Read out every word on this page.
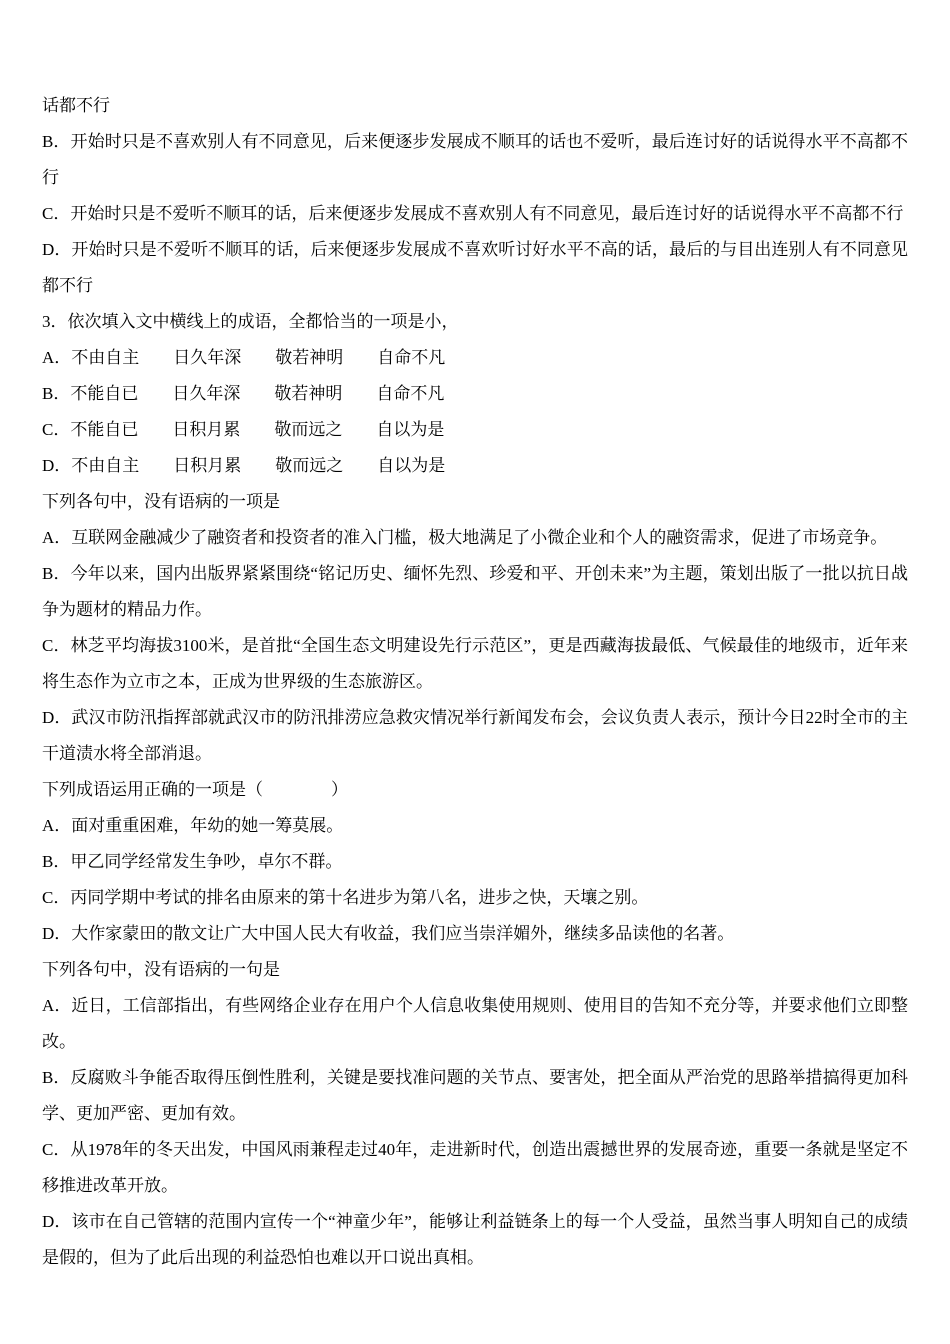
话都不行

B．开始时只是不喜欢别人有不同意见，后来便逐步发展成不顺耳的话也不爱听，最后连讨好的话说得水平不高都不行

C．开始时只是不爱听不顺耳的话，后来便逐步发展成不喜欢别人有不同意见，最后连讨好的话说得水平不高都不行

D．开始时只是不爱听不顺耳的话，后来便逐步发展成不喜欢听讨好水平不高的话，最后的与目出连别人有不同意见都不行

3．依次填入文中横线上的成语，全都恰当的一项是小，

A．不由自主　　日久年深　　敬若神明　　自命不凡

B．不能自已　　日久年深　　敬若神明　　自命不凡

C．不能自已　　日积月累　　敬而远之　　自以为是

D．不由自主　　日积月累　　敬而远之　　自以为是

下列各句中，没有语病的一项是

A．互联网金融减少了融资者和投资者的准入门槛，极大地满足了小微企业和个人的融资需求，促进了市场竞争。

B．今年以来，国内出版界紧紧围绕“铭记历史、缅怀先烈、珍爱和平、开创未来”为主题，策划出版了一批以抗日战争为题材的精品力作。

C．林芝平均海拔3100米，是首批“全国生态文明建设先行示范区”，更是西藏海拔最低、气候最佳的地级市，近年来将生态作为立市之本，正成为世界级的生态旅游区。

D．武汉市防汛指挥部就武汉市的防汛排涝应急救灾情况举行新闻发布会，会议负责人表示，预计今日22时全市的主干道渍水将全部消退。

下列成语运用正确的一项是（　　　　）

A．面对重重困难，年幼的她一筹莫展。

B．甲乙同学经常发生争吵，卓尔不群。

C．丙同学期中考试的排名由原来的第十名进步为第八名，进步之快，天壤之别。

D．大作家蒙田的散文让广大中国人民大有收益，我们应当崇洋媚外，继续多品读他的名著。

下列各句中，没有语病的一句是

A．近日，工信部指出，有些网络企业存在用户个人信息收集使用规则、使用目的告知不充分等，并要求他们立即整改。

B．反腐败斗争能否取得压倒性胜利，关键是要找准问题的关节点、要害处，把全面从严治党的思路举措搞得更加科学、更加严密、更加有效。

C．从1978年的冬天出发，中国风雨兼程走过40年，走进新时代，创造出震撼世界的发展奇迹，重要一条就是坚定不移推进改革开放。

D．该市在自己管辖的范围内宣传一个“神童少年”，能够让利益链条上的每一个人受益，虽然当事人明知自己的成绩是假的，但为了此后出现的利益恐怕也难以开口说出真相。
